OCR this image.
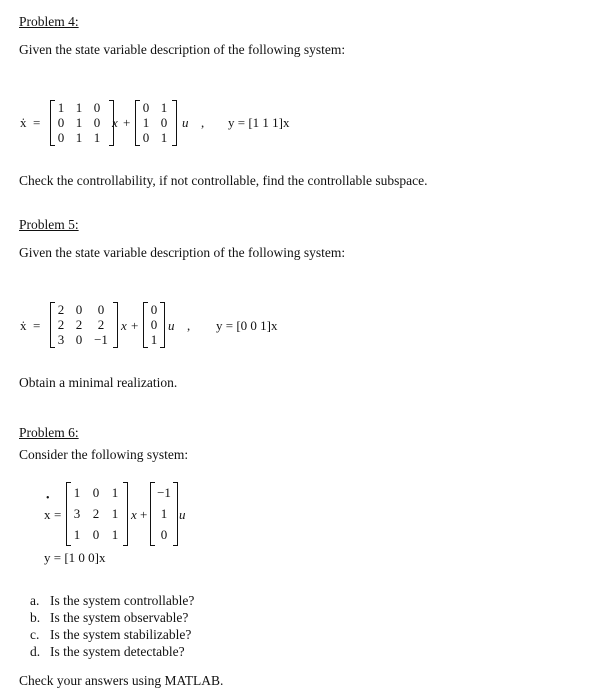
Problem 4:
Given the state variable description of the following system:
ẋ =
1 1 0
0 1 0
0 1 1
x +
0 1
1 0
0 1
u , y = [1 1 1]x
Check the controllability, if not controllable, find the controllable subspace.
Problem 5:
Given the state variable description of the following system:
ẋ =
2 0 0
2 2 2
3 0 −1
x +
0
0
1
u , y = [0 0 1]x
Obtain a minimal realization.
Problem 6:
Consider the following system:
•
x =
1 0 1
3 2 1
1 0 1
x +
−1
1
0
u
y = [1 0 0]x
a. Is the system controllable?
b. Is the system observable?
c. Is the system stabilizable?
d. Is the system detectable?
Check your answers using MATLAB.
